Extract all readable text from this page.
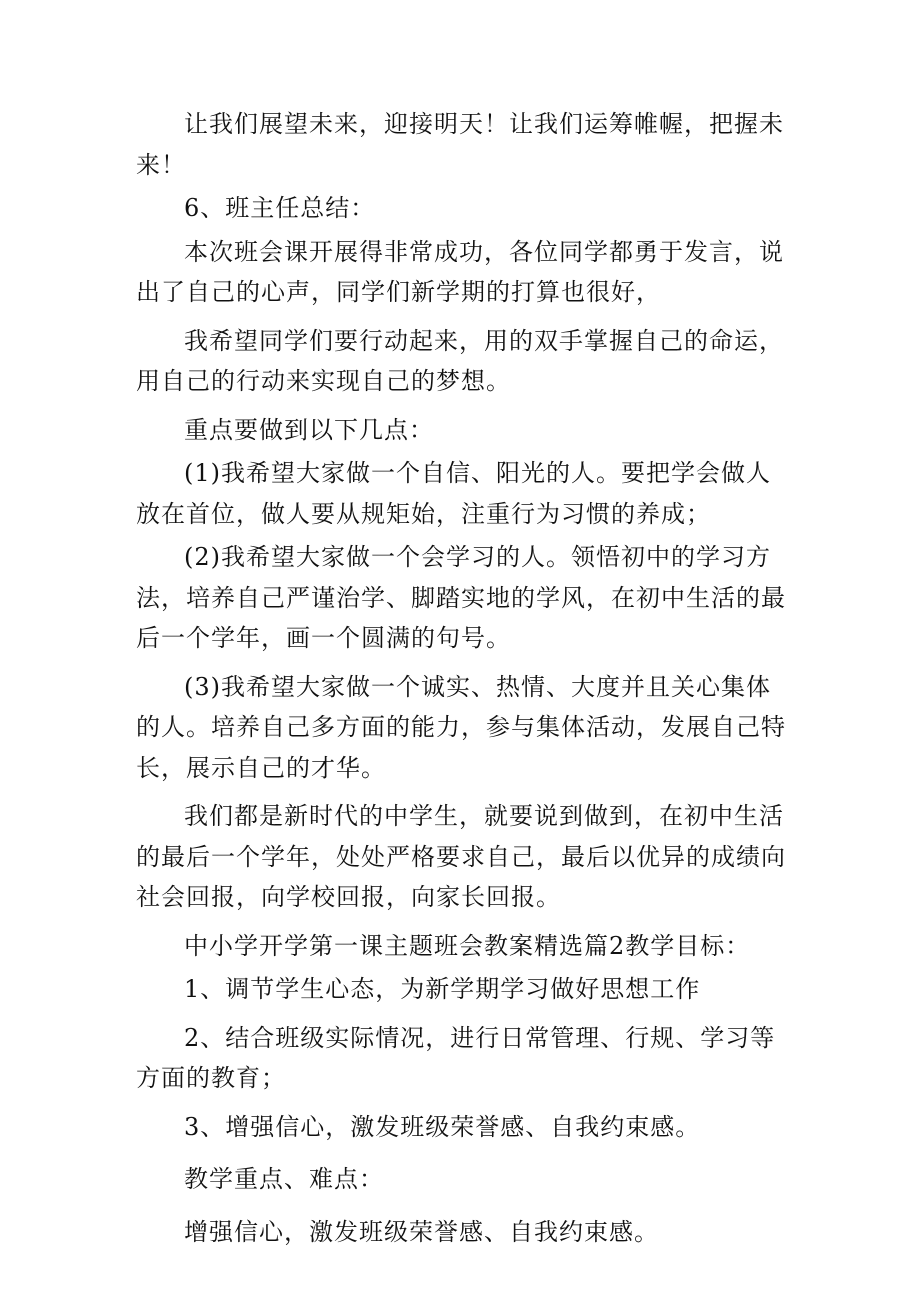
让我们展望未来，迎接明天！让我们运筹帷幄，把握未来！

6、班主任总结：

本次班会课开展得非常成功，各位同学都勇于发言，说出了自己的心声，同学们新学期的打算也很好，

我希望同学们要行动起来，用的双手掌握自己的命运，用自己的行动来实现自己的梦想。

重点要做到以下几点：

(1)我希望大家做一个自信、阳光的人。要把学会做人放在首位，做人要从规矩始，注重行为习惯的养成；

(2)我希望大家做一个会学习的人。领悟初中的学习方法，培养自己严谨治学、脚踏实地的学风，在初中生活的最后一个学年，画一个圆满的句号。

(3)我希望大家做一个诚实、热情、大度并且关心集体的人。培养自己多方面的能力，参与集体活动，发展自己特长，展示自己的才华。

我们都是新时代的中学生，就要说到做到，在初中生活的最后一个学年，处处严格要求自己，最后以优异的成绩向社会回报，向学校回报，向家长回报。

中小学开学第一课主题班会教案精选篇2教学目标：

1、调节学生心态，为新学期学习做好思想工作

2、结合班级实际情况，进行日常管理、行规、学习等方面的教育；

3、增强信心，激发班级荣誉感、自我约束感。

教学重点、难点：

增强信心，激发班级荣誉感、自我约束感。
